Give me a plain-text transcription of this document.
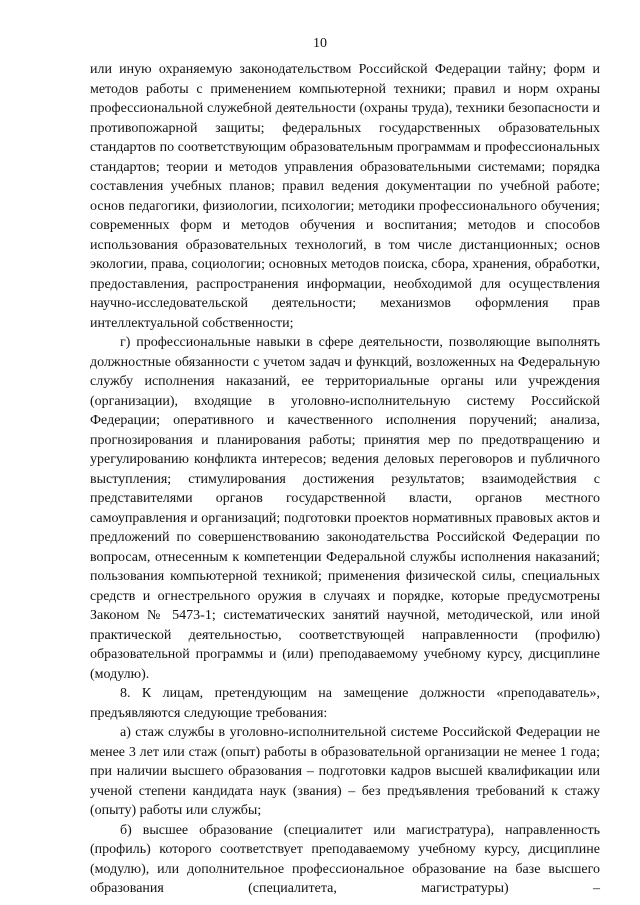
10

или иную охраняемую законодательством Российской Федерации тайну; форм и методов работы с применением компьютерной техники; правил и норм охраны профессиональной служебной деятельности (охраны труда), техники безопасности и противопожарной защиты; федеральных государственных образовательных стандартов по соответствующим образовательным программам и профессиональных стандартов; теории и методов управления образовательными системами; порядка составления учебных планов; правил ведения документации по учебной работе; основ педагогики, физиологии, психологии; методики профессионального обучения; современных форм и методов обучения и воспитания; методов и способов использования образовательных технологий, в том числе дистанционных; основ экологии, права, социологии; основных методов поиска, сбора, хранения, обработки, предоставления, распространения информации, необходимой для осуществления научно-исследовательской деятельности; механизмов оформления прав интеллектуальной собственности;

г) профессиональные навыки в сфере деятельности, позволяющие выполнять должностные обязанности с учетом задач и функций, возложенных на Федеральную службу исполнения наказаний, ее территориальные органы или учреждения (организации), входящие в уголовно-исполнительную систему Российской Федерации; оперативного и качественного исполнения поручений; анализа, прогнозирования и планирования работы; принятия мер по предотвращению и урегулированию конфликта интересов; ведения деловых переговоров и публичного выступления; стимулирования достижения результатов; взаимодействия с представителями органов государственной власти, органов местного самоуправления и организаций; подготовки проектов нормативных правовых актов и предложений по совершенствованию законодательства Российской Федерации по вопросам, отнесенным к компетенции Федеральной службы исполнения наказаний; пользования компьютерной техникой; применения физической силы, специальных средств и огнестрельного оружия в случаях и порядке, которые предусмотрены Законом № 5473-1; систематических занятий научной, методической, или иной практической деятельностью, соответствующей направленности (профилю) образовательной программы и (или) преподаваемому учебному курсу, дисциплине (модулю).

8. К лицам, претендующим на замещение должности «преподаватель», предъявляются следующие требования:

а) стаж службы в уголовно-исполнительной системе Российской Федерации не менее 3 лет или стаж (опыт) работы в образовательной организации не менее 1 года; при наличии высшего образования – подготовки кадров высшей квалификации или ученой степени кандидата наук (звания) – без предъявления требований к стажу (опыту) работы или службы;

б) высшее образование (специалитет или магистратура), направленность (профиль) которого соответствует преподаваемому учебному курсу, дисциплине (модулю), или дополнительное профессиональное образование на базе высшего образования (специалитета, магистратуры) –
